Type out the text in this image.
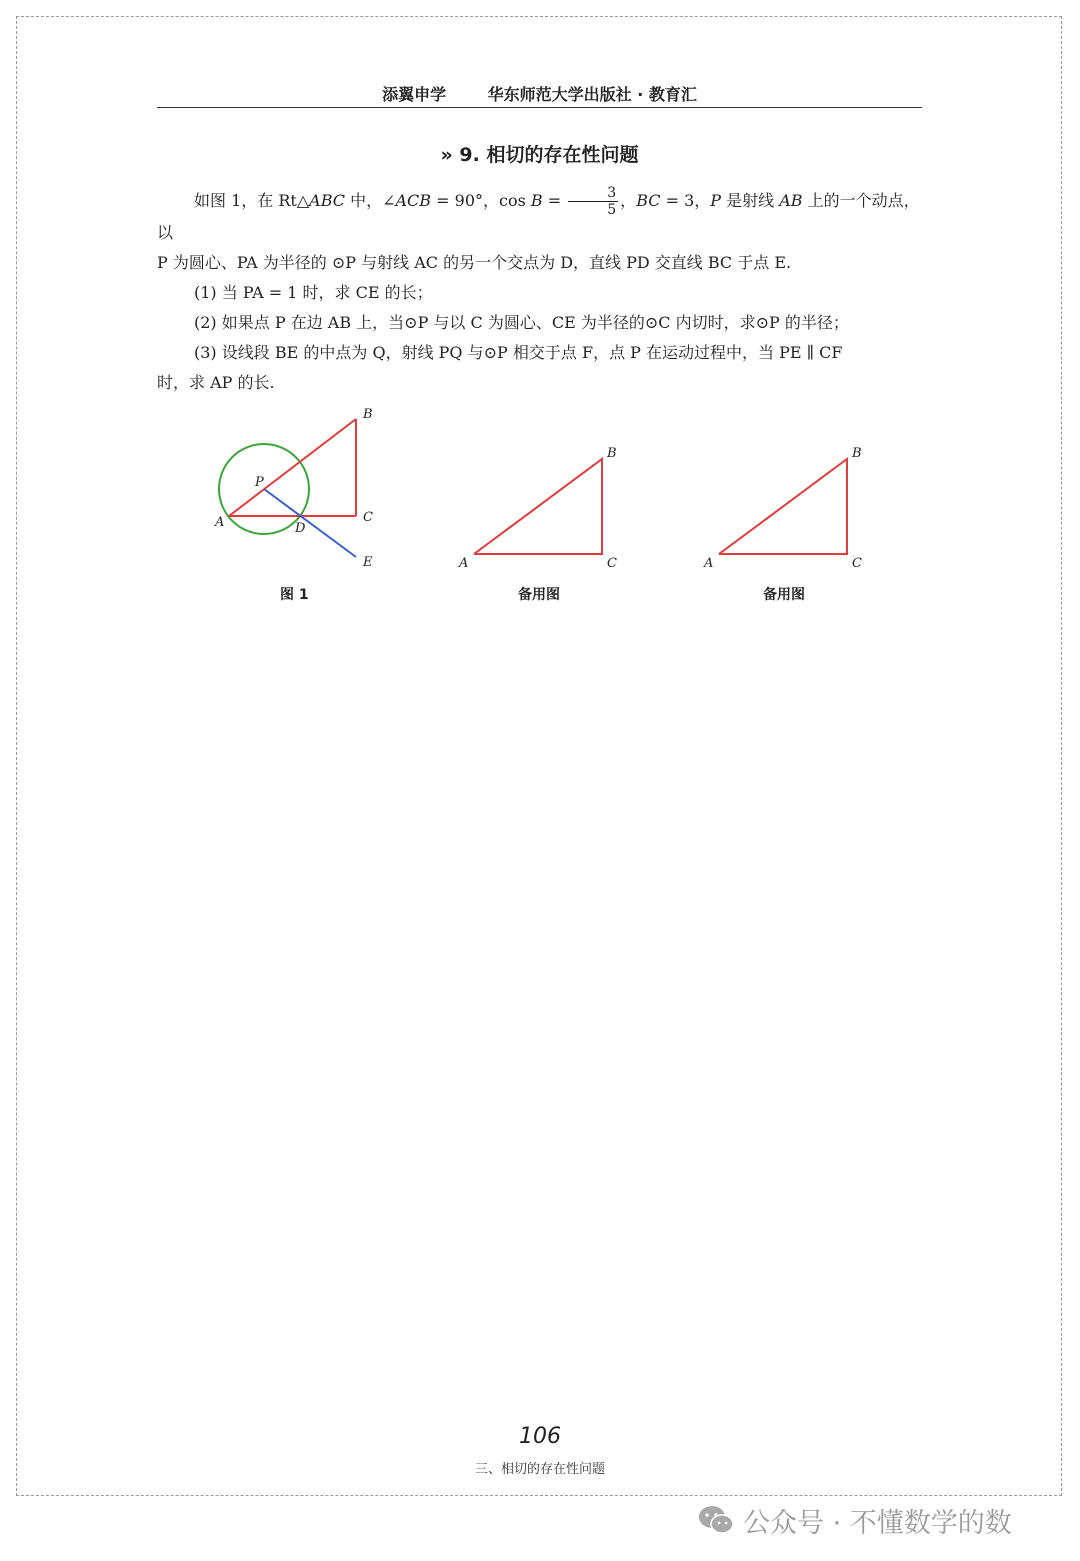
添翼申学	华东师范大学出版社 · 教育汇
» 9. 相切的存在性问题

如图 1，在 Rt△ABC 中，∠ACB = 90°，$\cos B = \frac{3}{5}$ ，BC = 3，P 是射线 AB 上的一个动点，以

P 为圆心、PA 为半径的 ⊙P 与射线 AC 的另一个交点为 D，直线 PD 交直线 BC 于点 E.

(1) 当 PA = 1 时，求 CE 的长；

(2) 如果点 P 在边 AB 上，当⊙P 与以 C 为圆心、CE 为半径的⊙C 内切时，求⊙P 的半径；

(3) 设线段 BE 的中点为 Q，射线 PQ 与⊙P 相交于点 F，点 P 在运动过程中，当 PE ∥ CF

时，求 AP 的长.

B
P
A	D
C
E
图 1
B
A	C
备用图
B
A	C
备用图
106
三、相切的存在性问题
公众号 · 不懂数学的数
